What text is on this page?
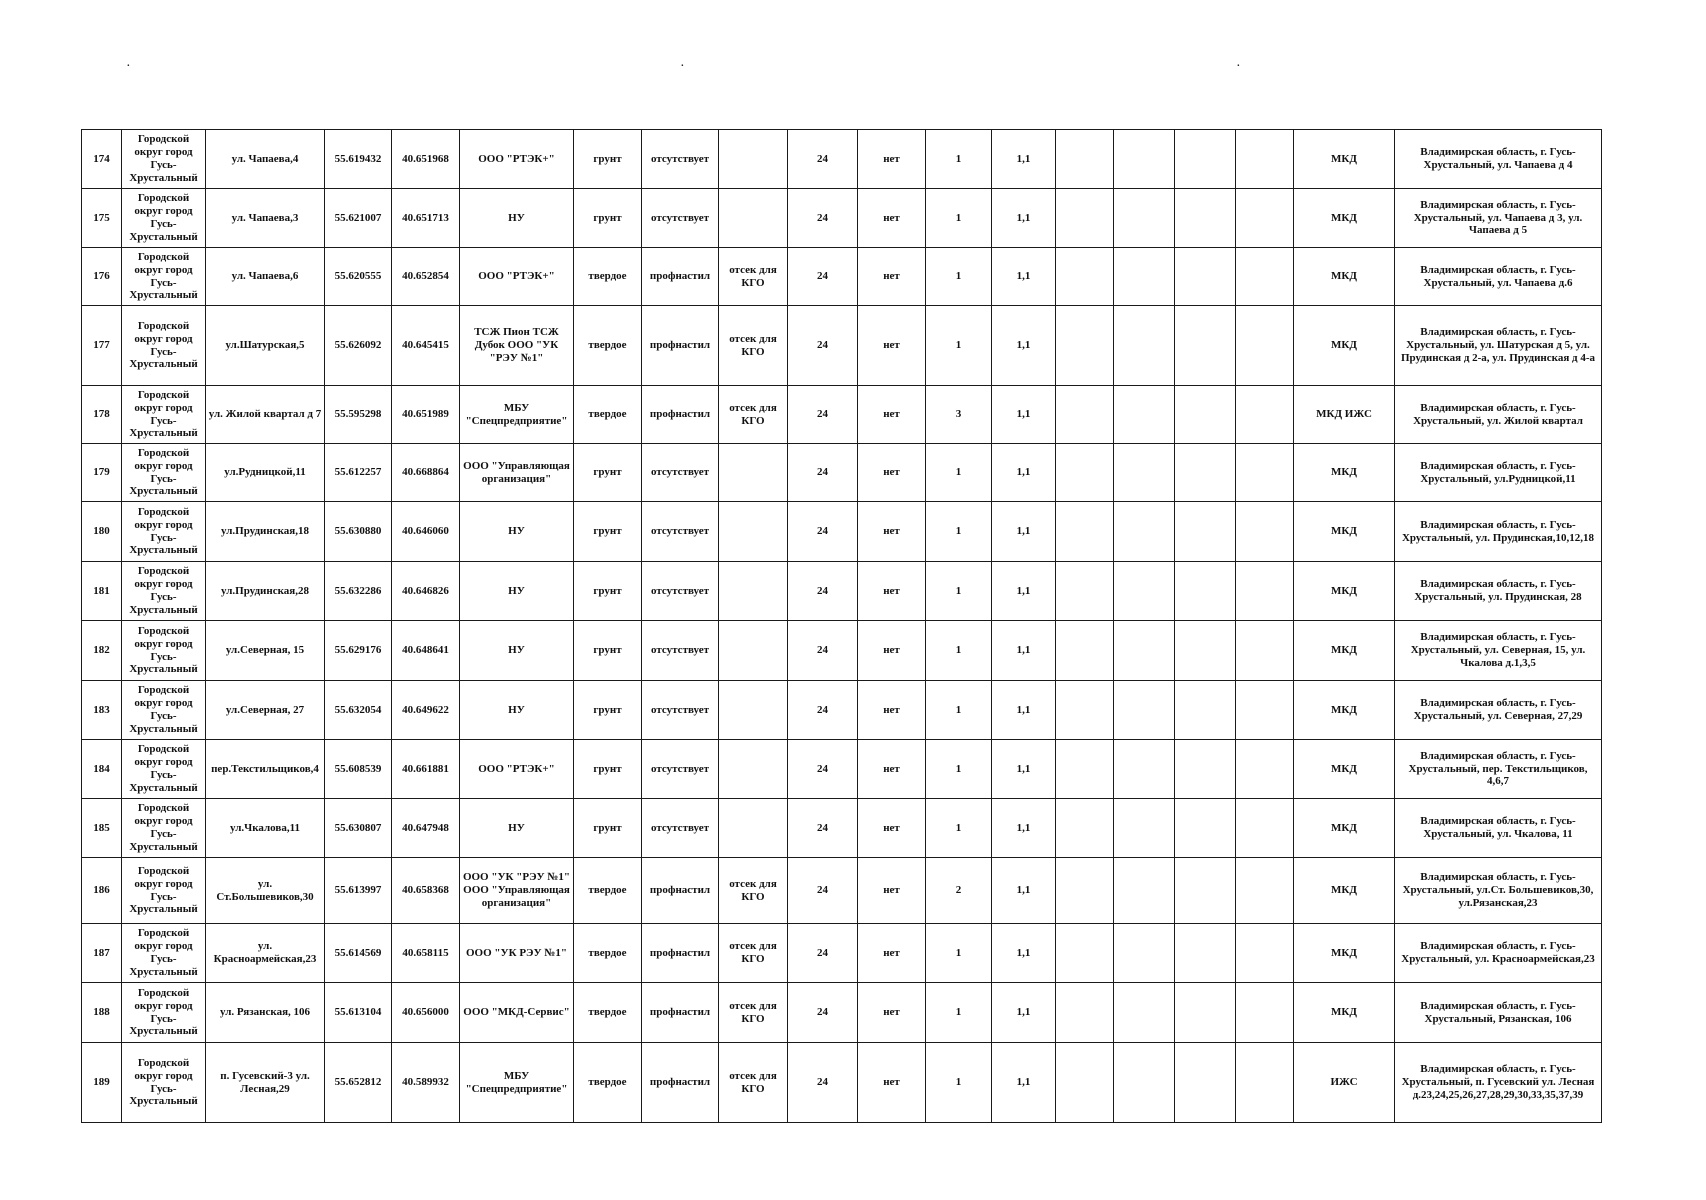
·	·	·
174	Городской округ город Гусь-Хрустальный	ул. Чапаева,4	55.619432	40.651968	ООО "РТЭК+"	грунт	отсутствует		24	нет	1	1,1					МКД	Владимирская область, г. Гусь-Хрустальный, ул. Чапаева д 4
175	Городской округ город Гусь-Хрустальный	ул. Чапаева,3	55.621007	40.651713	НУ	грунт	отсутствует		24	нет	1	1,1					МКД	Владимирская область, г. Гусь-Хрустальный, ул. Чапаева д 3, ул. Чапаева д 5
176	Городской округ город Гусь-Хрустальный	ул. Чапаева,6	55.620555	40.652854	ООО "РТЭК+"	твердое	профнастил	отсек для КГО	24	нет	1	1,1					МКД	Владимирская область, г. Гусь-Хрустальный, ул. Чапаева д.6
177	Городской округ город Гусь-Хрустальный	ул.Шатурская,5	55.626092	40.645415	ТСЖ Пион ТСЖ Дубок ООО "УК "РЭУ №1"	твердое	профнастил	отсек для КГО	24	нет	1	1,1					МКД	Владимирская область, г. Гусь-Хрустальный, ул. Шатурская д 5, ул. Прудинская д 2-а, ул. Прудинская д 4-а
178	Городской округ город Гусь-Хрустальный	ул. Жилой квартал д 7	55.595298	40.651989	МБУ "Спецпредприятие"	твердое	профнастил	отсек для КГО	24	нет	3	1,1					МКД ИЖС	Владимирская область, г. Гусь-Хрустальный, ул. Жилой квартал
179	Городской округ город Гусь-Хрустальный	ул.Рудницкой,11	55.612257	40.668864	ООО "Управляющая организация"	грунт	отсутствует		24	нет	1	1,1					МКД	Владимирская область, г. Гусь-Хрустальный, ул.Рудницкой,11
180	Городской округ город Гусь-Хрустальный	ул.Прудинская,18	55.630880	40.646060	НУ	грунт	отсутствует		24	нет	1	1,1					МКД	Владимирская область, г. Гусь-Хрустальный, ул. Прудинская,10,12,18
181	Городской округ город Гусь-Хрустальный	ул.Прудинская,28	55.632286	40.646826	НУ	грунт	отсутствует		24	нет	1	1,1					МКД	Владимирская область, г. Гусь-Хрустальный, ул. Прудинская, 28
182	Городской округ город Гусь-Хрустальный	ул.Северная, 15	55.629176	40.648641	НУ	грунт	отсутствует		24	нет	1	1,1					МКД	Владимирская область, г. Гусь-Хрустальный, ул. Северная, 15, ул. Чкалова д.1,3,5
183	Городской округ город Гусь-Хрустальный	ул.Северная, 27	55.632054	40.649622	НУ	грунт	отсутствует		24	нет	1	1,1					МКД	Владимирская область, г. Гусь-Хрустальный, ул. Северная, 27,29
184	Городской округ город Гусь-Хрустальный	пер.Текстильщиков,4	55.608539	40.661881	ООО "РТЭК+"	грунт	отсутствует		24	нет	1	1,1					МКД	Владимирская область, г. Гусь-Хрустальный, пер. Текстильщиков, 4,6,7
185	Городской округ город Гусь-Хрустальный	ул.Чкалова,11	55.630807	40.647948	НУ	грунт	отсутствует		24	нет	1	1,1					МКД	Владимирская область, г. Гусь-Хрустальный, ул. Чкалова, 11
186	Городской округ город Гусь-Хрустальный	ул. Ст.Большевиков,30	55.613997	40.658368	ООО "УК "РЭУ №1" ООО "Управляющая организация"	твердое	профнастил	отсек для КГО	24	нет	2	1,1					МКД	Владимирская область, г. Гусь-Хрустальный, ул.Ст. Большевиков,30, ул.Рязанская,23
187	Городской округ город Гусь-Хрустальный	ул. Красноармейская,23	55.614569	40.658115	ООО "УК РЭУ №1"	твердое	профнастил	отсек для КГО	24	нет	1	1,1					МКД	Владимирская область, г. Гусь-Хрустальный, ул. Красноармейская,23
188	Городской округ город Гусь-Хрустальный	ул. Рязанская, 106	55.613104	40.656000	ООО "МКД-Сервис"	твердое	профнастил	отсек для КГО	24	нет	1	1,1					МКД	Владимирская область, г. Гусь-Хрустальный, Рязанская, 106
189	Городской округ город Гусь-Хрустальный	п. Гусевский-3 ул. Лесная,29	55.652812	40.589932	МБУ "Спецпредприятие"	твердое	профнастил	отсек для КГО	24	нет	1	1,1					ИЖС	Владимирская область, г. Гусь-Хрустальный, п. Гусевский ул. Лесная д.23,24,25,26,27,28,29,30,33,35,37,39
